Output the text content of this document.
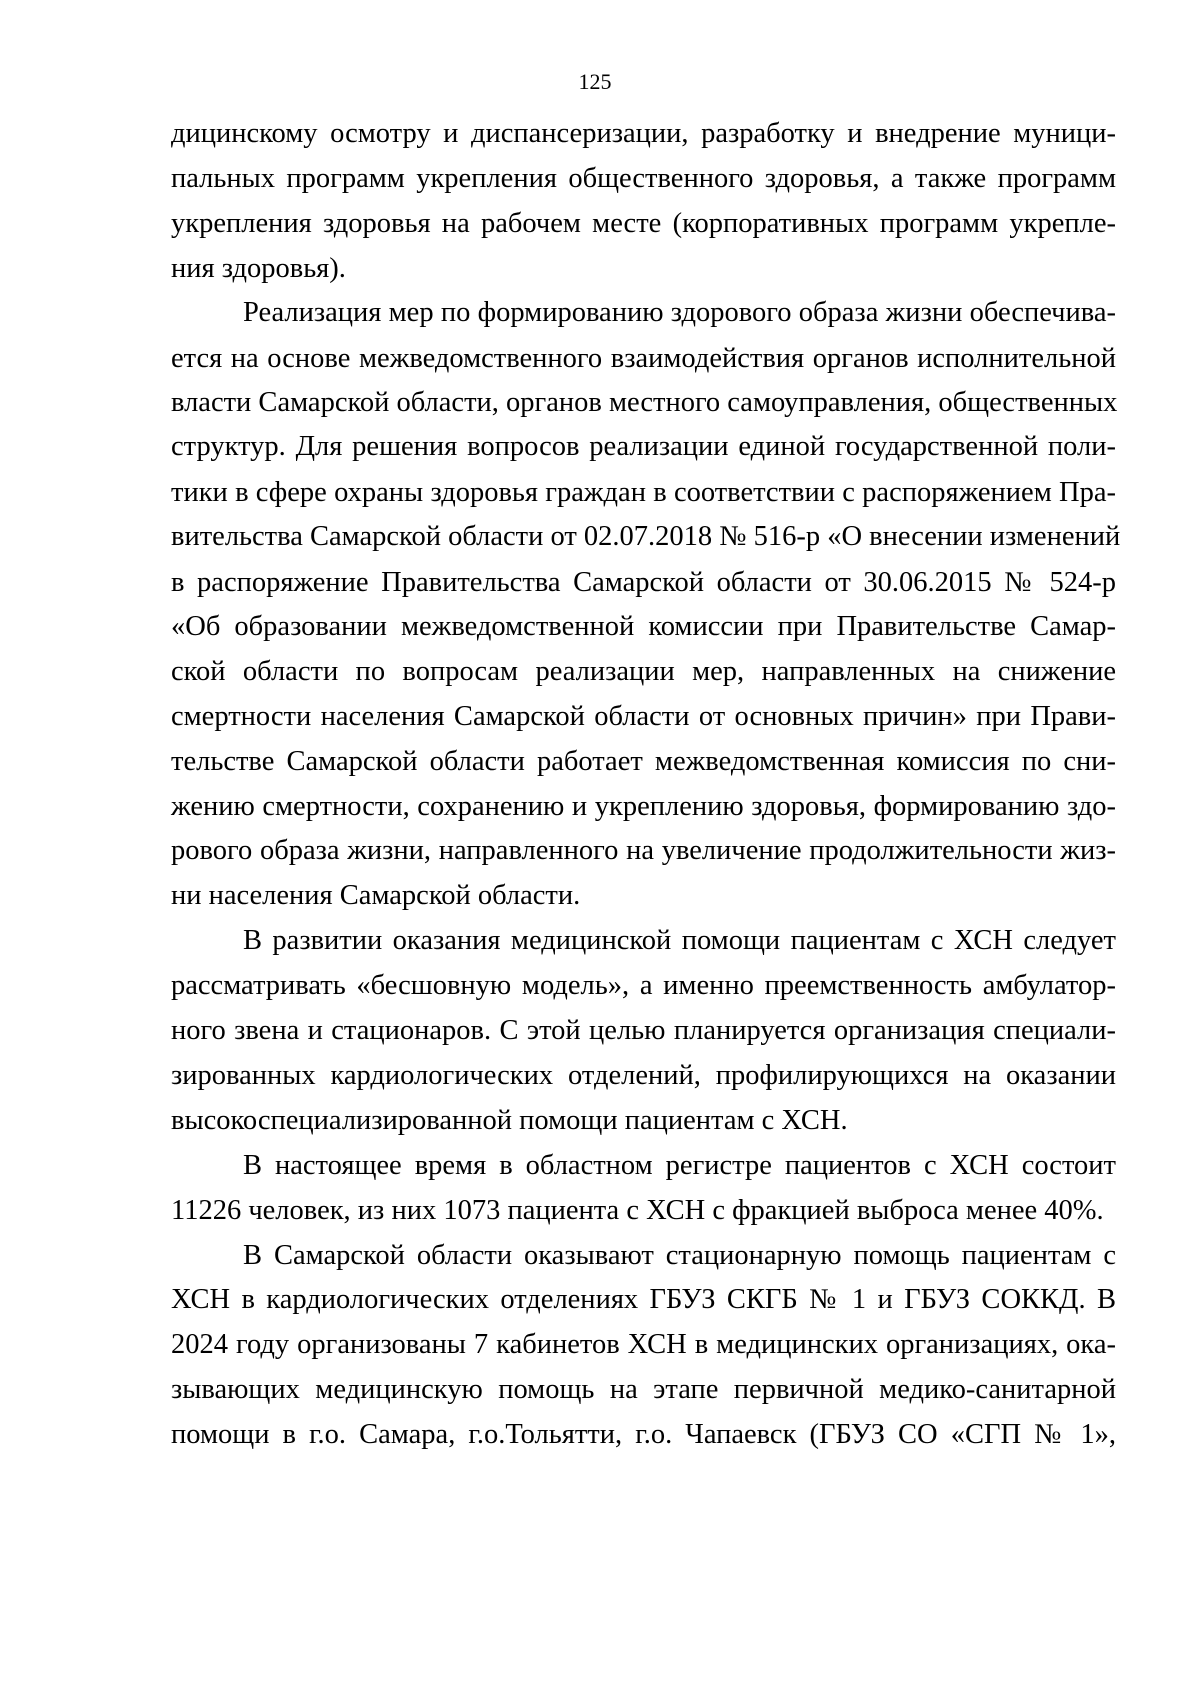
125
дицинскому осмотру и диспансеризации, разработку и внедрение муници-
пальных программ укрепления общественного здоровья, а также программ
укрепления здоровья на рабочем месте (корпоративных программ укрепле-
ния здоровья).
Реализация мер по формированию здорового образа жизни обеспечива-
ется на основе межведомственного взаимодействия органов исполнительной
власти Самарской области, органов местного самоуправления, общественных
структур. Для решения вопросов реализации единой государственной поли-
тики в сфере охраны здоровья граждан в соответствии с распоряжением Пра-
вительства Самарской области от 02.07.2018 № 516-р «О внесении изменений
в распоряжение Правительства Самарской области от 30.06.2015 № 524-р
«Об образовании межведомственной комиссии при Правительстве Самар-
ской области по вопросам реализации мер, направленных на снижение
смертности населения Самарской области от основных причин» при Прави-
тельстве Самарской области работает межведомственная комиссия по сни-
жению смертности, сохранению и укреплению здоровья, формированию здо-
рового образа жизни, направленного на увеличение продолжительности жиз-
ни населения Самарской области.
В развитии оказания медицинской помощи пациентам с ХСН следует
рассматривать «бесшовную модель», а именно преемственность амбулатор-
ного звена и стационаров. С этой целью планируется организация специали-
зированных кардиологических отделений, профилирующихся на оказании
высокоспециализированной помощи пациентам с ХСН.
В настоящее время в областном регистре пациентов с ХСН состоит
11226 человек, из них 1073 пациента с ХСН с фракцией выброса менее 40%.
В Самарской области оказывают стационарную помощь пациентам с
ХСН в кардиологических отделениях ГБУЗ СКГБ № 1 и ГБУЗ СОККД. В
2024 году организованы 7 кабинетов ХСН в медицинских организациях, ока-
зывающих медицинскую помощь на этапе первичной медико-санитарной
помощи в г.о. Самара, г.о.Тольятти, г.о. Чапаевск (ГБУЗ СО «СГП № 1»,
